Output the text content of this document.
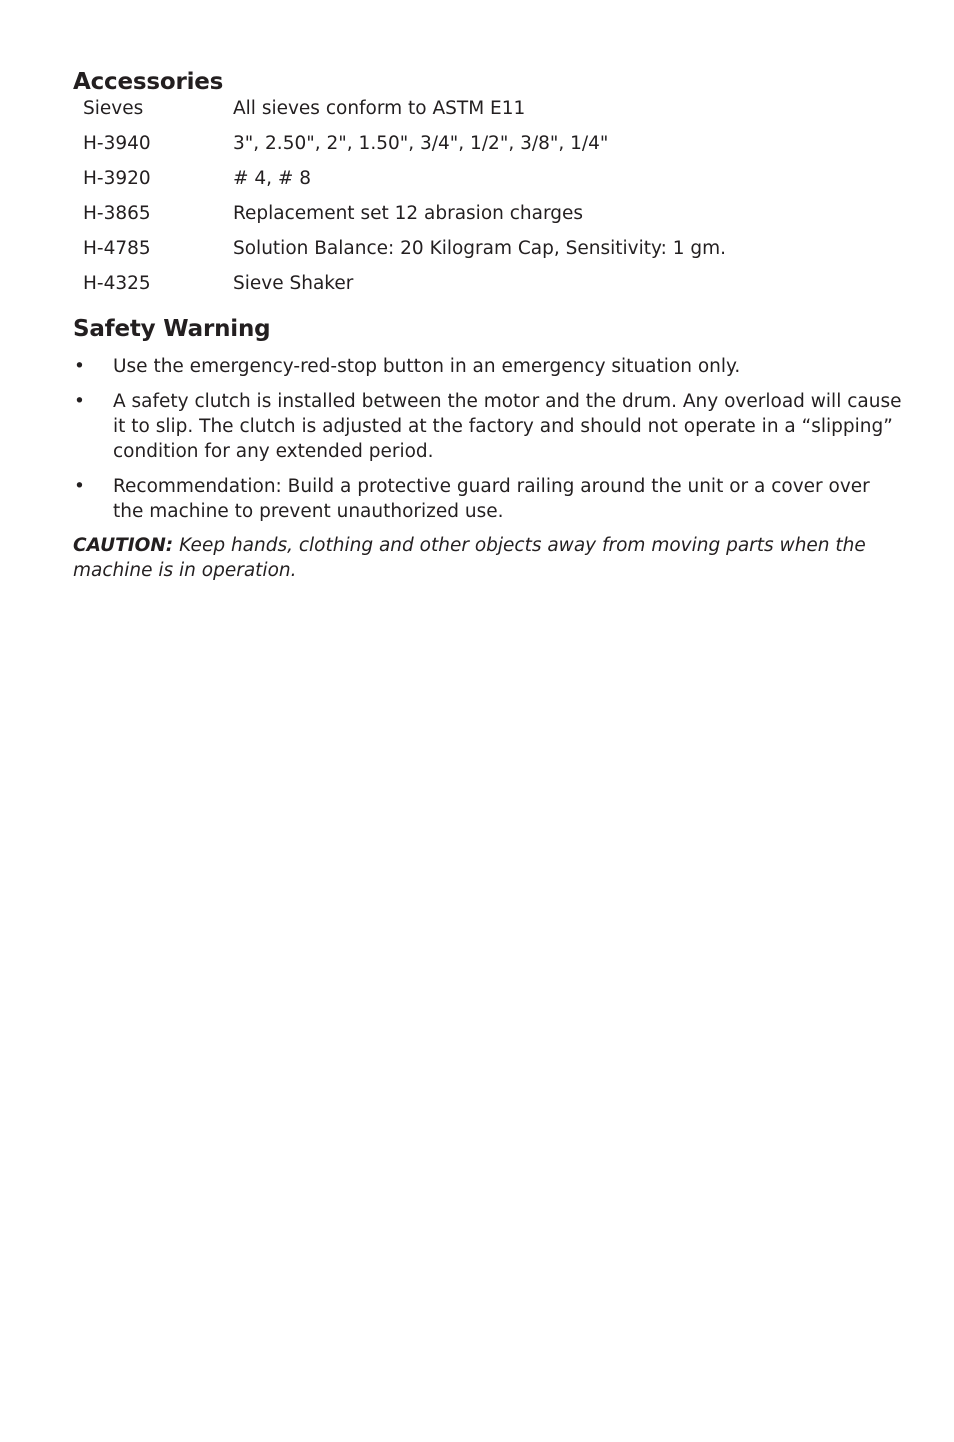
Accessories
Sieves	All sieves conform to ASTM E11
H-3940	3", 2.50", 2", 1.50", 3/4", 1/2", 3/8", 1/4"
H-3920	# 4, # 8
H-3865	Replacement set 12 abrasion charges
H-4785	Solution Balance: 20 Kilogram Cap, Sensitivity: 1 gm.
H-4325	Sieve Shaker
Safety Warning
• Use the emergency-red-stop button in an emergency situation only.
• A safety clutch is installed between the motor and the drum. Any overload will cause
it to slip. The clutch is adjusted at the factory and should not operate in a “slipping”
condition for any extended period.
• Recommendation: Build a protective guard railing around the unit or a cover over
the machine to prevent unauthorized use.
CAUTION: Keep hands, clothing and other objects away from moving parts when the
machine is in operation.
